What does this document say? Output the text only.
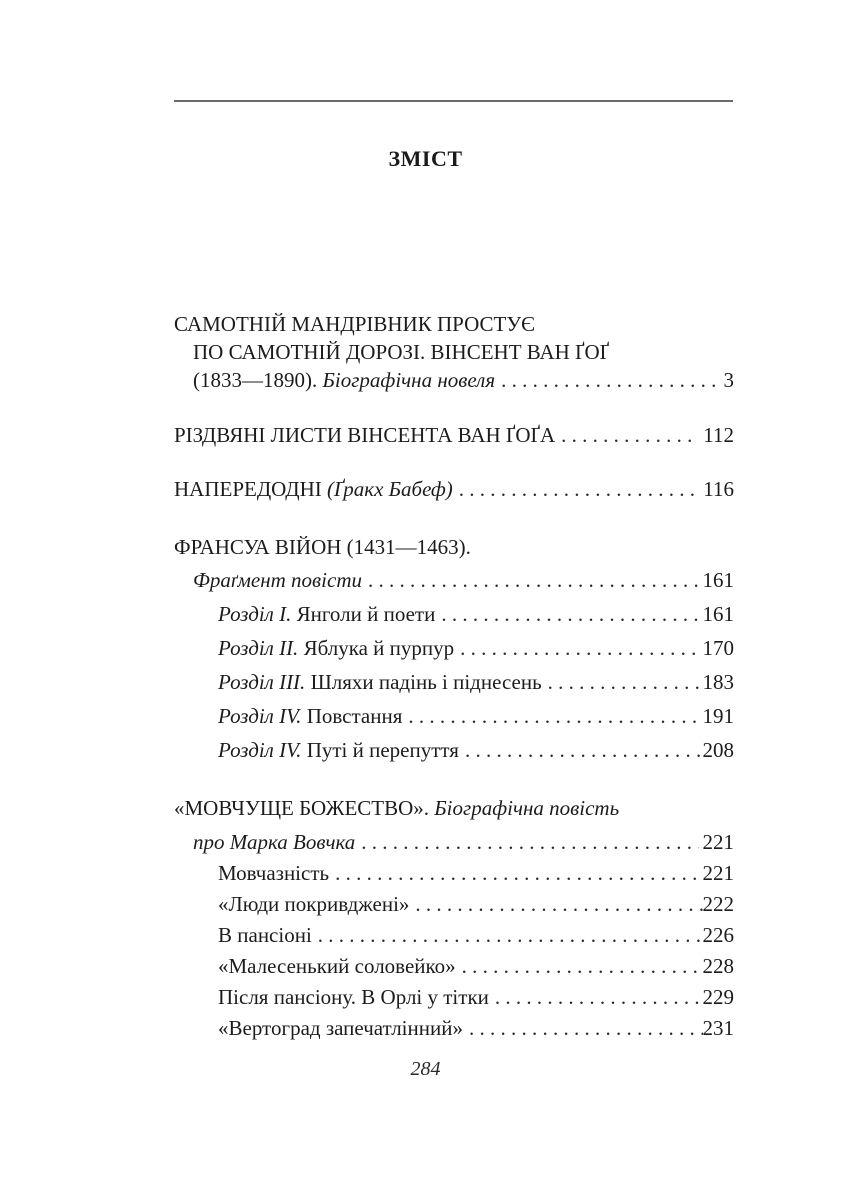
ЗМІСТ
САМОТНІЙ МАНДРІВНИК ПРОСТУЄ
ПО САМОТНІЙ ДОРОЗІ. ВІНСЕНТ ВАН ҐОҐ
(1833—1890). Біографічна новеля . . .	3
РІЗДВЯНІ ЛИСТИ ВІНСЕНТА ВАН ҐОҐА . . .	112
НАПЕРЕДОДНІ (Ґракх Бабеф) . . .	116
ФРАНСУА ВІЙОН (1431—1463).
Фраґмент повісти . . .	161
Розділ I. Янголи й поети . . .	161
Розділ II. Яблука й пурпур . . .	170
Розділ III. Шляхи падінь і піднесень . . .	183
Розділ IV. Повстання . . .	191
Розділ IV. Путі й перепуття . . .	208
«МОВЧУЩЕ БОЖЕСТВО». Біографічна повість
про Марка Вовчка . . .	221
Мовчазність . . .	221
«Люди покривджені» . . .	222
В пансіоні . . .	226
«Малесенький соловейко» . . .	228
Після пансіону. В Орлі у тітки . . .	229
«Вертоград запечатлінний» . . .	231
284
